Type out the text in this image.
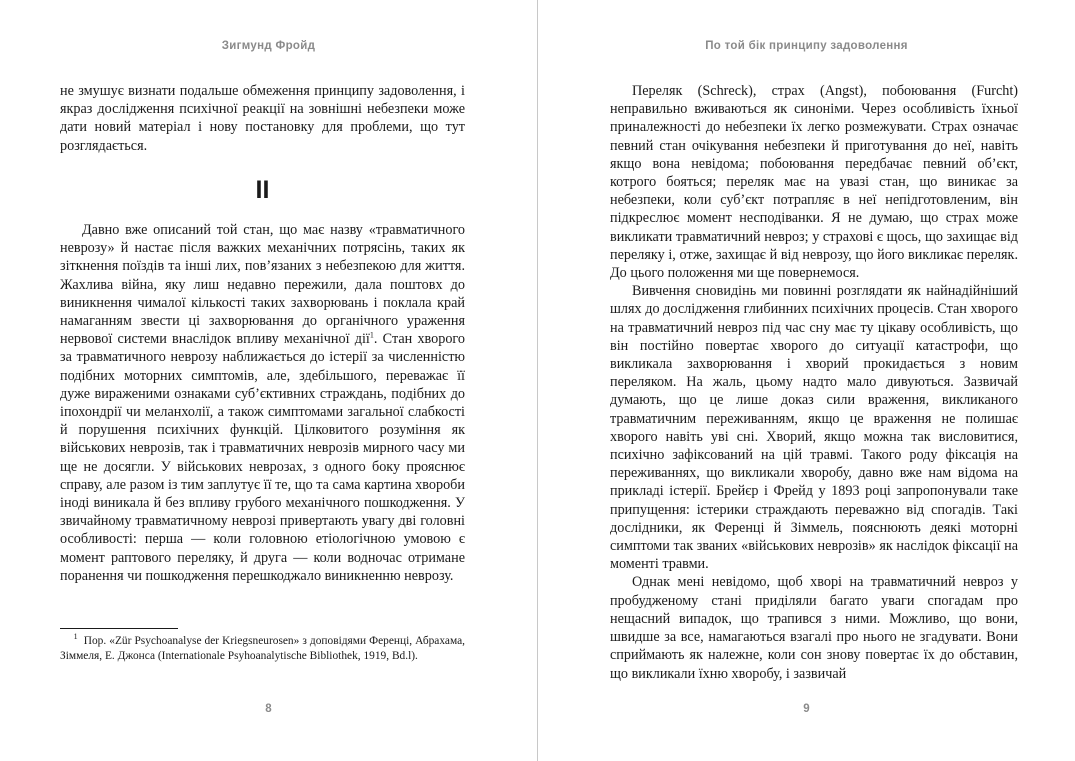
Зигмунд Фройд

не змушує визнати подальше обмеження принципу задоволення, і якраз дослідження психічної реакції на зовнішні небезпеки може дати новий матеріал і нову постановку для проблеми, що тут розглядається.

II

Давно вже описаний той стан, що має назву «травматичного неврозу» й настає після важких механічних потрясінь, таких як зіткнення поїздів та інші лих, пов’язаних з небезпекою для життя. Жахлива війна, яку лиш недавно пережили, дала поштовх до виникнення чималої кількості таких захворювань і поклала край намаганням звести ці захворювання до органічного ураження нервової системи внаслідок впливу механічної дії$^1$. Стан хворого за травматичного неврозу наближається до істерії за численністю подібних моторних симптомів, але, здебільшого, переважає її дуже вираженими ознаками суб’єктивних страждань, подібних до іпохондрії чи меланхолії, а також симптомами загальної слабкості й порушення психічних функцій. Цілковитого розуміння як військових неврозів, так і травматичних неврозів мирного часу ми ще не досягли. У військових неврозах, з одного боку прояснює справу, але разом із тим заплутує її те, що та сама картина хвороби іноді виникала й без впливу грубого механічного пошкодження. У звичайному травматичному неврозі привертають увагу дві головні особливості: перша — коли головною етіологічною умовою є момент раптового переляку, й друга — коли водночас отримане поранення чи пошкодження перешкоджало виникненню неврозу.

$^1$ Пор. «Zür Psychoanalyse der Kriegsneurosen» з доповідями Ференці, Абрахама, Зіммеля, Е. Джонса (Internationale Psyhoanalytische Bibliothek, 1919, Bd.l).

8
По той бік принципу задоволення

Переляк (Schreck), страх (Angst), побоювання (Furcht) неправильно вживаються як синоніми. Через особливість їхньої приналежності до небезпеки їх легко розмежувати. Страх означає певний стан очікування небезпеки й приготування до неї, навіть якщо вона невідома; побоювання передбачає певний об’єкт, котрого бояться; переляк має на увазі стан, що виникає за небезпеки, коли суб’єкт потрапляє в неї непідготовленим, він підкреслює момент несподіванки. Я не думаю, що страх може викликати травматичний невроз; у страхові є щось, що захищає від переляку і, отже, захищає й від неврозу, що його викликає переляк. До цього положення ми ще повернемося.

Вивчення сновидінь ми повинні розглядати як найнадійніший шлях до дослідження глибинних психічних процесів. Стан хворого на травматичний невроз під час сну має ту цікаву особливість, що він постійно повертає хворого до ситуації катастрофи, що викликала захворювання і хворий прокидається з новим переляком. На жаль, цьому надто мало дивуються. Зазвичай думають, що це лише доказ сили враження, викликаного травматичним переживанням, якщо це враження не полишає хворого навіть уві сні. Хворий, якщо можна так висловитися, психічно зафіксований на цій травмі. Такого роду фіксація на переживаннях, що викликали хворобу, давно вже нам відома на прикладі істерії. Брейєр і Фрейд у 1893 році запропонували таке припущення: істерики страждають переважно від спогадів. Такі дослідники, як Ференці й Зіммель, пояснюють деякі моторні симптоми так званих «військових неврозів» як наслідок фіксації на моменті травми.

Однак мені невідомо, щоб хворі на травматичний невроз у пробудженому стані приділяли багато уваги спогадам про нещасний випадок, що трапився з ними. Можливо, що вони, швидше за все, намагаються взагалі про нього не згадувати. Вони сприймають як належне, коли сон знову повертає їх до обставин, що викликали їхню хворобу, і зазвичай

9
